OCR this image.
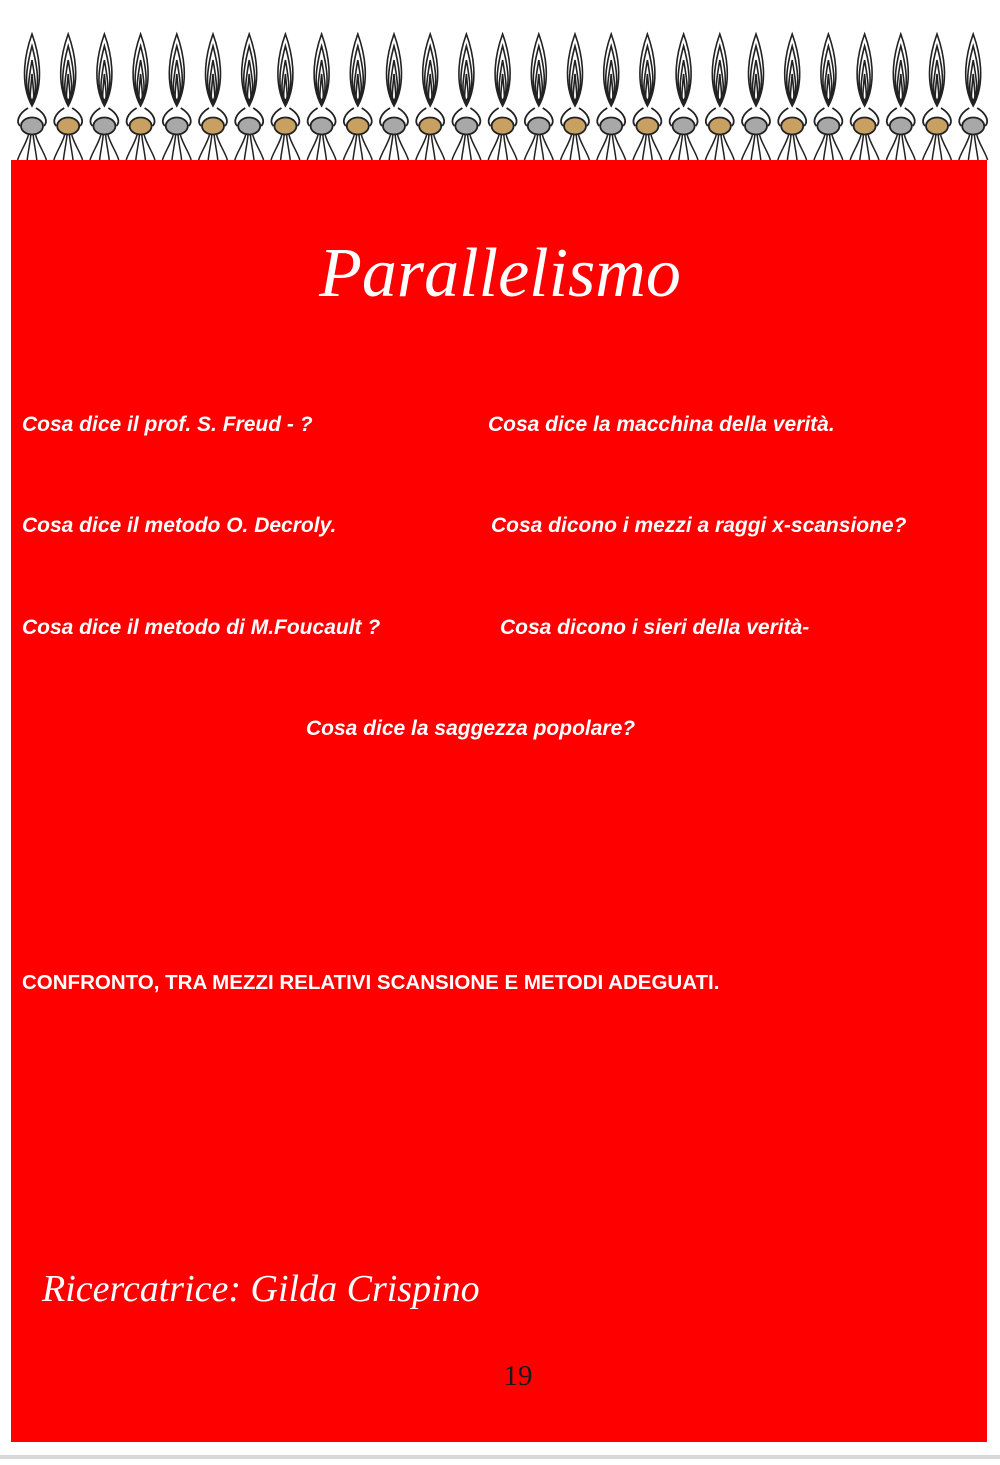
Parallelismo
Cosa dice il prof. S. Freud - ?	Cosa dice la macchina della verità.
Cosa dice il metodo O. Decroly.	Cosa dicono i mezzi a raggi x-scansione?
Cosa dice il metodo di M.Foucault ?	Cosa dicono i sieri della verità-
Cosa dice la saggezza popolare?
CONFRONTO, TRA MEZZI RELATIVI SCANSIONE E METODI ADEGUATI.
Ricercatrice: Gilda Crispino
19
